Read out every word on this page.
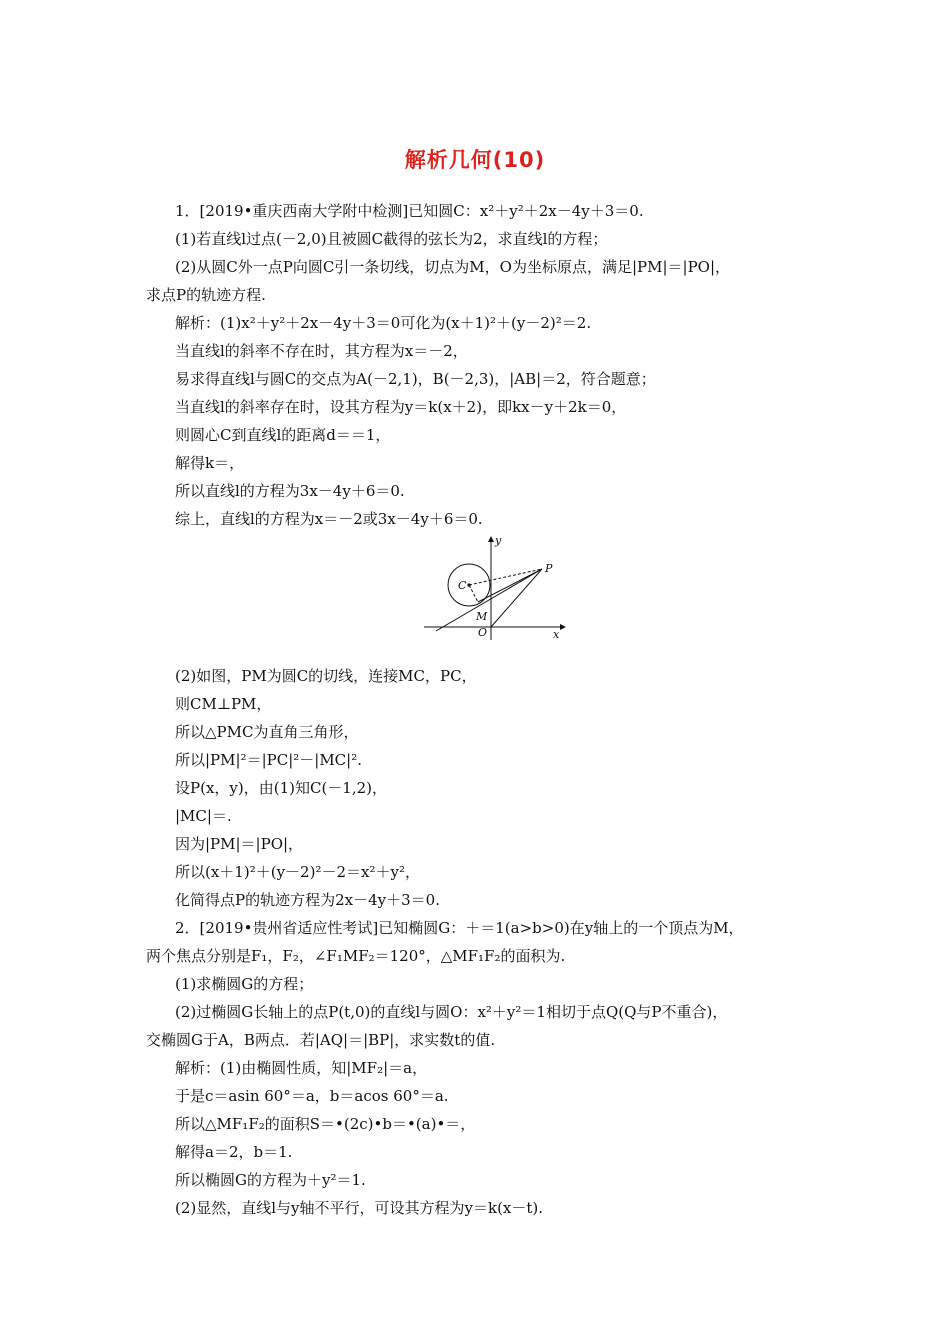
解析几何(10)
1．[2019•重庆西南大学附中检测]已知圆C：x²＋y²＋2x－4y＋3＝0.
(1)若直线l过点(－2,0)且被圆C截得的弦长为2，求直线l的方程；
(2)从圆C外一点P向圆C引一条切线，切点为M，O为坐标原点，满足|PM|＝|PO|，
求点P的轨迹方程.
解析：(1)x²＋y²＋2x－4y＋3＝0可化为(x＋1)²＋(y－2)²＝2.
当直线l的斜率不存在时，其方程为x＝－2，
易求得直线l与圆C的交点为A(－2,1)，B(－2,3)，|AB|＝2，符合题意；
当直线l的斜率存在时，设其方程为y＝k(x＋2)，即kx－y＋2k＝0，
则圆心C到直线l的距离d＝＝1，
解得k＝，
所以直线l的方程为3x－4y＋6＝0.
综上，直线l的方程为x＝－2或3x－4y＋6＝0.
y
x
P
C
M
O
(2)如图，PM为圆C的切线，连接MC，PC，
则CM⊥PM，
所以△PMC为直角三角形，
所以|PM|²＝|PC|²－|MC|².
设P(x，y)，由(1)知C(－1,2)，
|MC|＝.
因为|PM|＝|PO|，
所以(x＋1)²＋(y－2)²－2＝x²＋y²，
化简得点P的轨迹方程为2x－4y＋3＝0.
2．[2019•贵州省适应性考试]已知椭圆G：＋＝1(a>b>0)在y轴上的一个顶点为M，
两个焦点分别是F₁，F₂，∠F₁MF₂＝120°，△MF₁F₂的面积为.
(1)求椭圆G的方程；
(2)过椭圆G长轴上的点P(t,0)的直线l与圆O：x²＋y²＝1相切于点Q(Q与P不重合)，
交椭圆G于A，B两点．若|AQ|＝|BP|，求实数t的值.
解析：(1)由椭圆性质，知|MF₂|＝a，
于是c＝asin 60°＝a，b＝acos 60°＝a.
所以△MF₁F₂的面积S＝•(2c)•b＝•(a)•＝，
解得a＝2，b＝1.
所以椭圆G的方程为＋y²＝1.
(2)显然，直线l与y轴不平行，可设其方程为y＝k(x－t).
